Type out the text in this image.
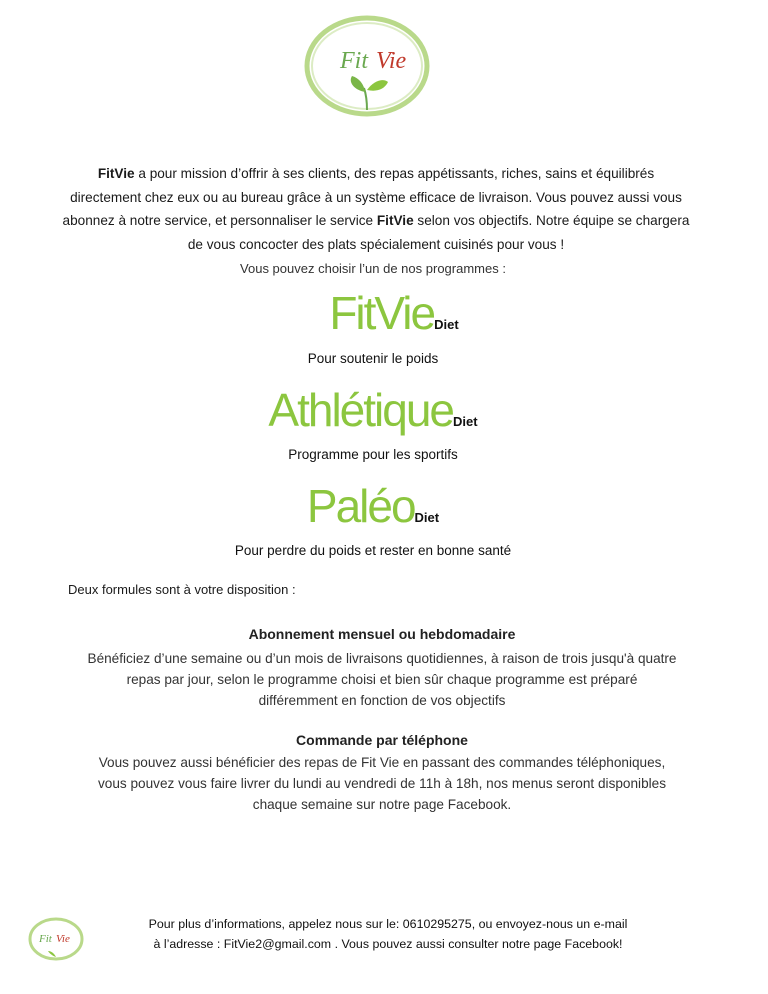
Fit Vie
FitVie a pour mission d’offrir à ses clients, des repas appétissants, riches, sains et équilibrés directement chez eux ou au bureau grâce à un système efficace de livraison. Vous pouvez aussi vous abonnez à notre service, et personnaliser le service FitVie selon vos objectifs. Notre équipe se chargera de vous concocter des plats spécialement cuisinés pour vous !
Vous pouvez choisir l’un de nos programmes :
FitVieDiet
Pour soutenir le poids
AthlétiqueDiet
Programme pour les sportifs
PaléoDiet
Pour perdre du poids et rester en bonne santé
Deux formules sont à votre disposition :
Abonnement mensuel ou hebdomadaire
Bénéficiez d’une semaine ou d’un mois de livraisons quotidiennes, à raison de trois jusqu'à quatre repas par jour, selon le programme choisi et bien sûr chaque programme est préparé différemment en fonction de vos objectifs
Commande par téléphone
Vous pouvez aussi bénéficier des repas de Fit Vie en passant des commandes téléphoniques, vous pouvez vous faire livrer du lundi au vendredi de 11h à 18h, nos menus seront disponibles chaque semaine sur notre page Facebook.
Fit Vie
Pour plus d’informations, appelez nous sur le: 0610295275, ou envoyez-nous un e-mail
à l’adresse : FitVie2@gmail.com . Vous pouvez aussi consulter notre page Facebook!
